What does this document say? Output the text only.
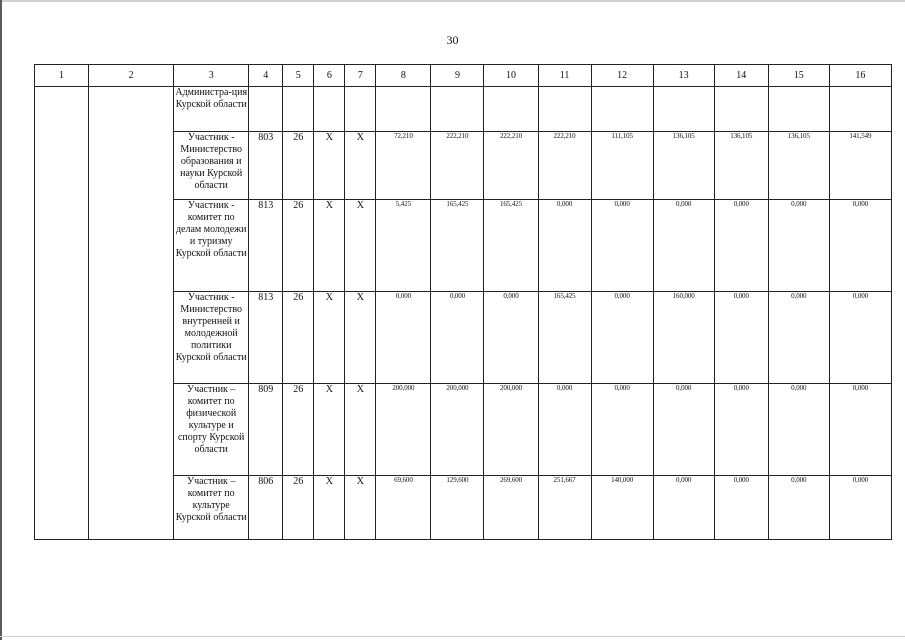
30
1	2	3	4	5	6	7	8	9	10	11	12	13	14	15	16
		Администра-ция Курской области													
		Участник - Министерство образования и науки Курской области	803	26	Х	Х	72,210	222,210	222,210	222,210	111,105	136,105	136,105	136,105	141,549
		Участник - комитет по делам молодежи и туризму Курской области	813	26	Х	Х	5,425	165,425	165,425	0,000	0,000	0,000	0,000	0,000	0,000
		Участник - Министерство внутренней и молодежной политики Курской области	813	26	Х	Х	0,000	0,000	0,000	165,425	0,000	160,000	0,000	0,000	0,000
		Участник – комитет по физической культуре и спорту Курской области	809	26	Х	Х	200,000	200,000	200,000	0,000	0,000	0,000	0,000	0,000	0,000
		Участник – комитет по культуре Курской области	806	26	Х	Х	69,600	129,600	269,600	251,667	140,000	0,000	0,000	0,000	0,000
